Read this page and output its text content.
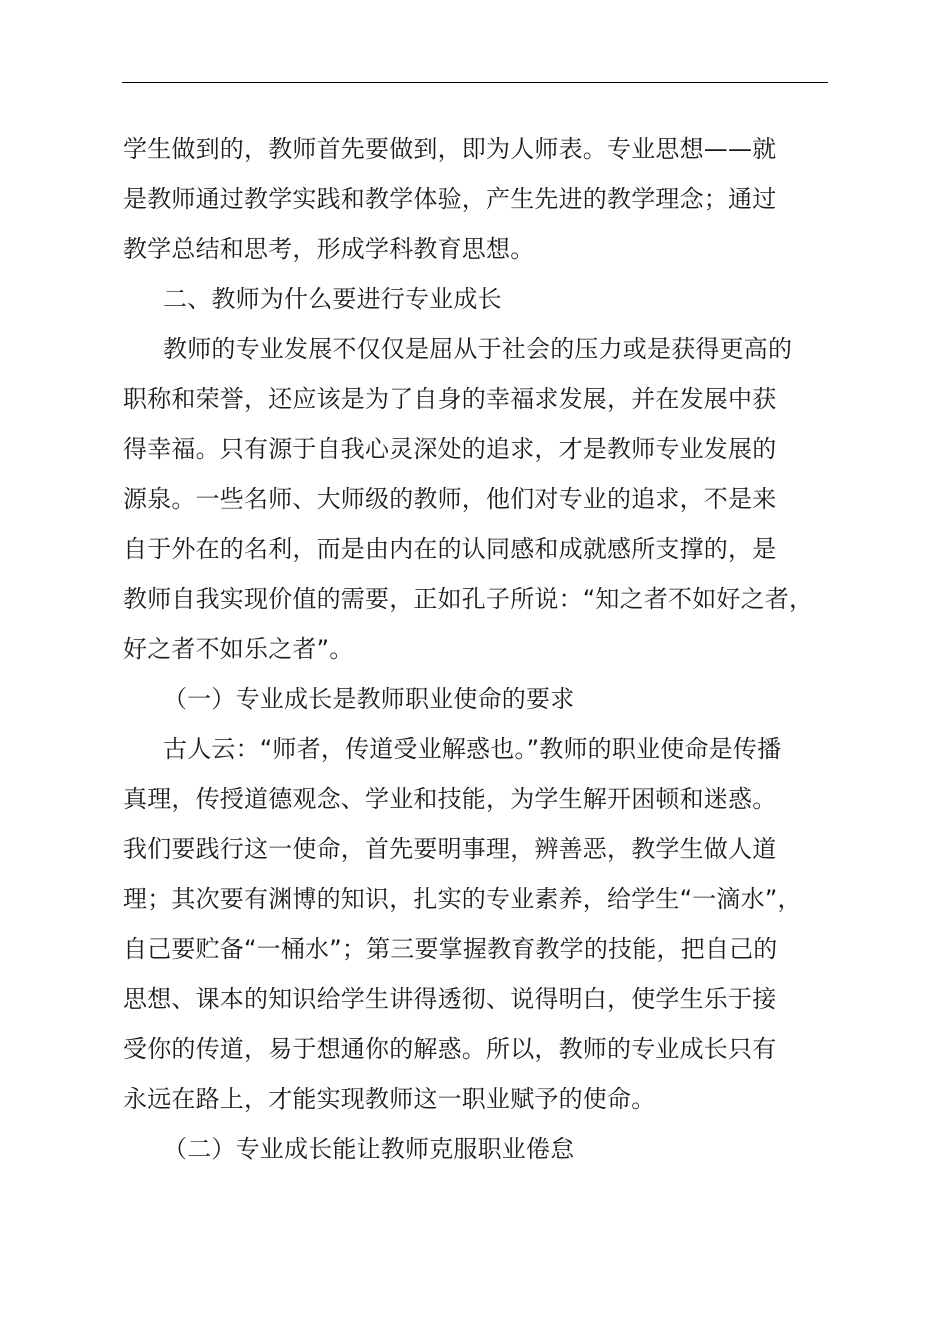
学生做到的，教师首先要做到，即为人师表。专业思想——就
是教师通过教学实践和教学体验，产生先进的教学理念；通过
教学总结和思考，形成学科教育思想。
二、教师为什么要进行专业成长
教师的专业发展不仅仅是屈从于社会的压力或是获得更高的
职称和荣誉，还应该是为了自身的幸福求发展，并在发展中获
得幸福。只有源于自我心灵深处的追求，才是教师专业发展的
源泉。一些名师、大师级的教师，他们对专业的追求，不是来
自于外在的名利，而是由内在的认同感和成就感所支撑的，是
教师自我实现价值的需要，正如孔子所说：“知之者不如好之者，
好之者不如乐之者”。
（一）专业成长是教师职业使命的要求
古人云：“师者，传道受业解惑也。”教师的职业使命是传播
真理，传授道德观念、学业和技能，为学生解开困顿和迷惑。
我们要践行这一使命，首先要明事理，辨善恶，教学生做人道
理；其次要有渊博的知识，扎实的专业素养，给学生“一滴水”，
自己要贮备“一桶水”；第三要掌握教育教学的技能，把自己的
思想、课本的知识给学生讲得透彻、说得明白，使学生乐于接
受你的传道，易于想通你的解惑。所以，教师的专业成长只有
永远在路上，才能实现教师这一职业赋予的使命。
（二）专业成长能让教师克服职业倦怠
